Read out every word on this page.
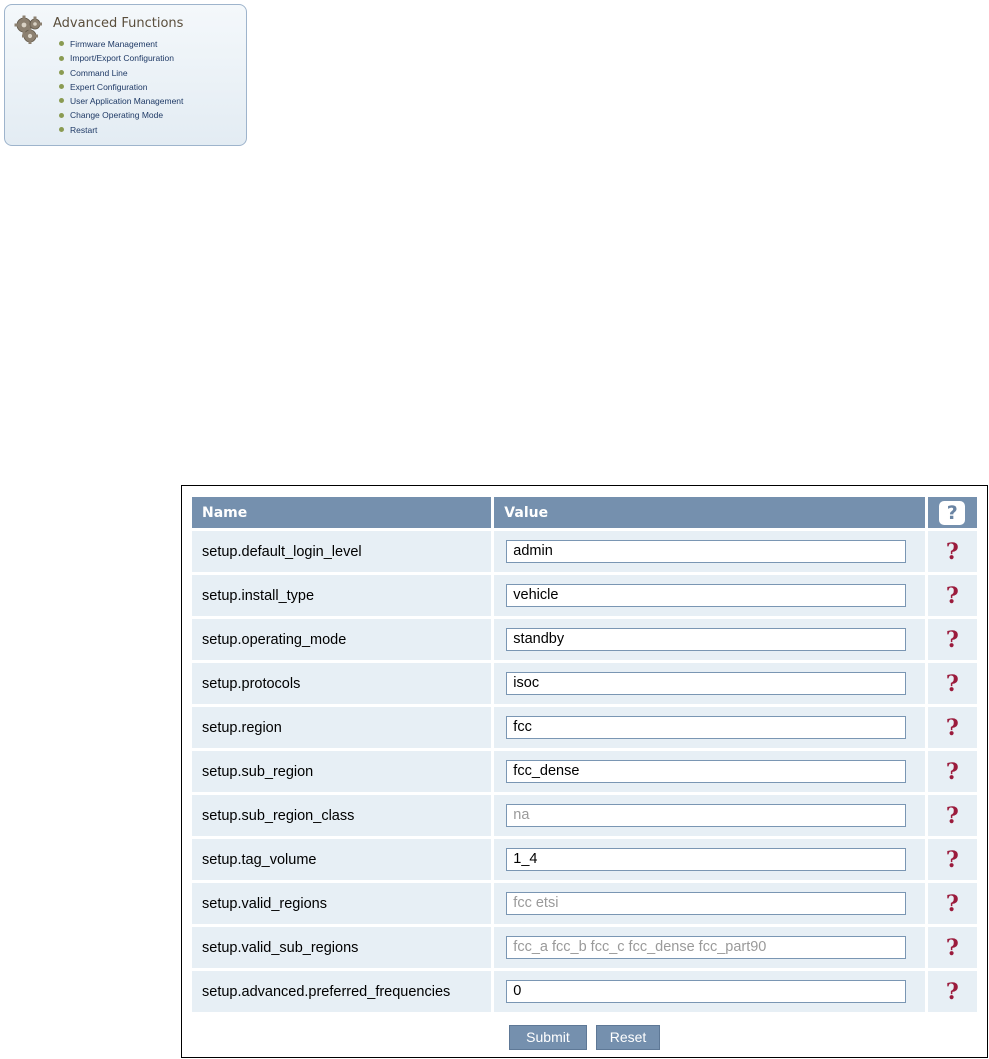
Advanced Functions
Firmware Management
Import/Export Configuration
Command Line
Expert Configuration
User Application Management
Change Operating Mode
Restart
Name	Value	?
setup.default_login_level	admin	?
setup.install_type	vehicle	?
setup.operating_mode	standby	?
setup.protocols	isoc	?
setup.region	fcc	?
setup.sub_region	fcc_dense	?
setup.sub_region_class	na	?
setup.tag_volume	1_4	?
setup.valid_regions	fcc etsi	?
setup.valid_sub_regions	fcc_a fcc_b fcc_c fcc_dense fcc_part90	?
setup.advanced.preferred_frequencies	0	?
Submit	Reset
